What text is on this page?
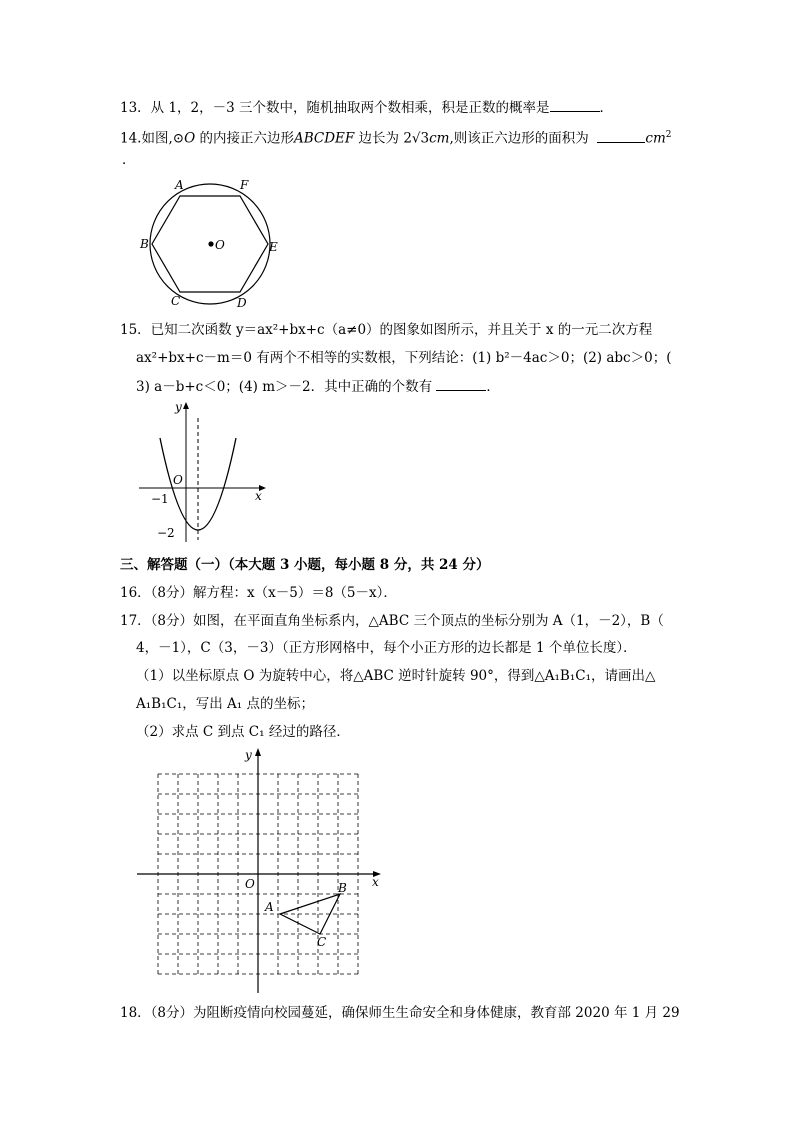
13．从 1，2，－3 三个数中，随机抽取两个数相乘，积是正数的概率是	．
14.如图,⊙O 的内接正六边形ABCDEF 边长为 2√3cm,则该正六边形的面积为	$cm^2$
．
A	F
B	E
C	D
O
15．已知二次函数 y＝ax²+bx+c（a≠0）的图象如图所示，并且关于 x 的一元二次方程
ax²+bx+c－m＝0 有两个不相等的实数根，下列结论：(1) b²－4ac＞0；(2) abc＞0；(
3) a－b+c＜0；(4) m＞－2．其中正确的个数有	．
y
x
O
−1
−2
三、解答题（一）（本大题 3 小题，每小题 8 分，共 24 分）
16．（8分）解方程：x（x－5）＝8（5－x）．
17．（8分）如图，在平面直角坐标系内，△ABC 三个顶点的坐标分别为 A（1，－2），B（
4，－1），C（3，－3）（正方形网格中，每个小正方形的边长都是 1 个单位长度）．
（1）以坐标原点 O 为旋转中心，将△ABC 逆时针旋转 90°，得到△A₁B₁C₁，请画出△
A₁B₁C₁，写出 A₁ 点的坐标；
（2）求点 C 到点 C₁ 经过的路径．
y
x
O
A
B
C
18．（8分）为阻断疫情向校园蔓延，确保师生生命安全和身体健康，教育部 2020 年 1 月 29
